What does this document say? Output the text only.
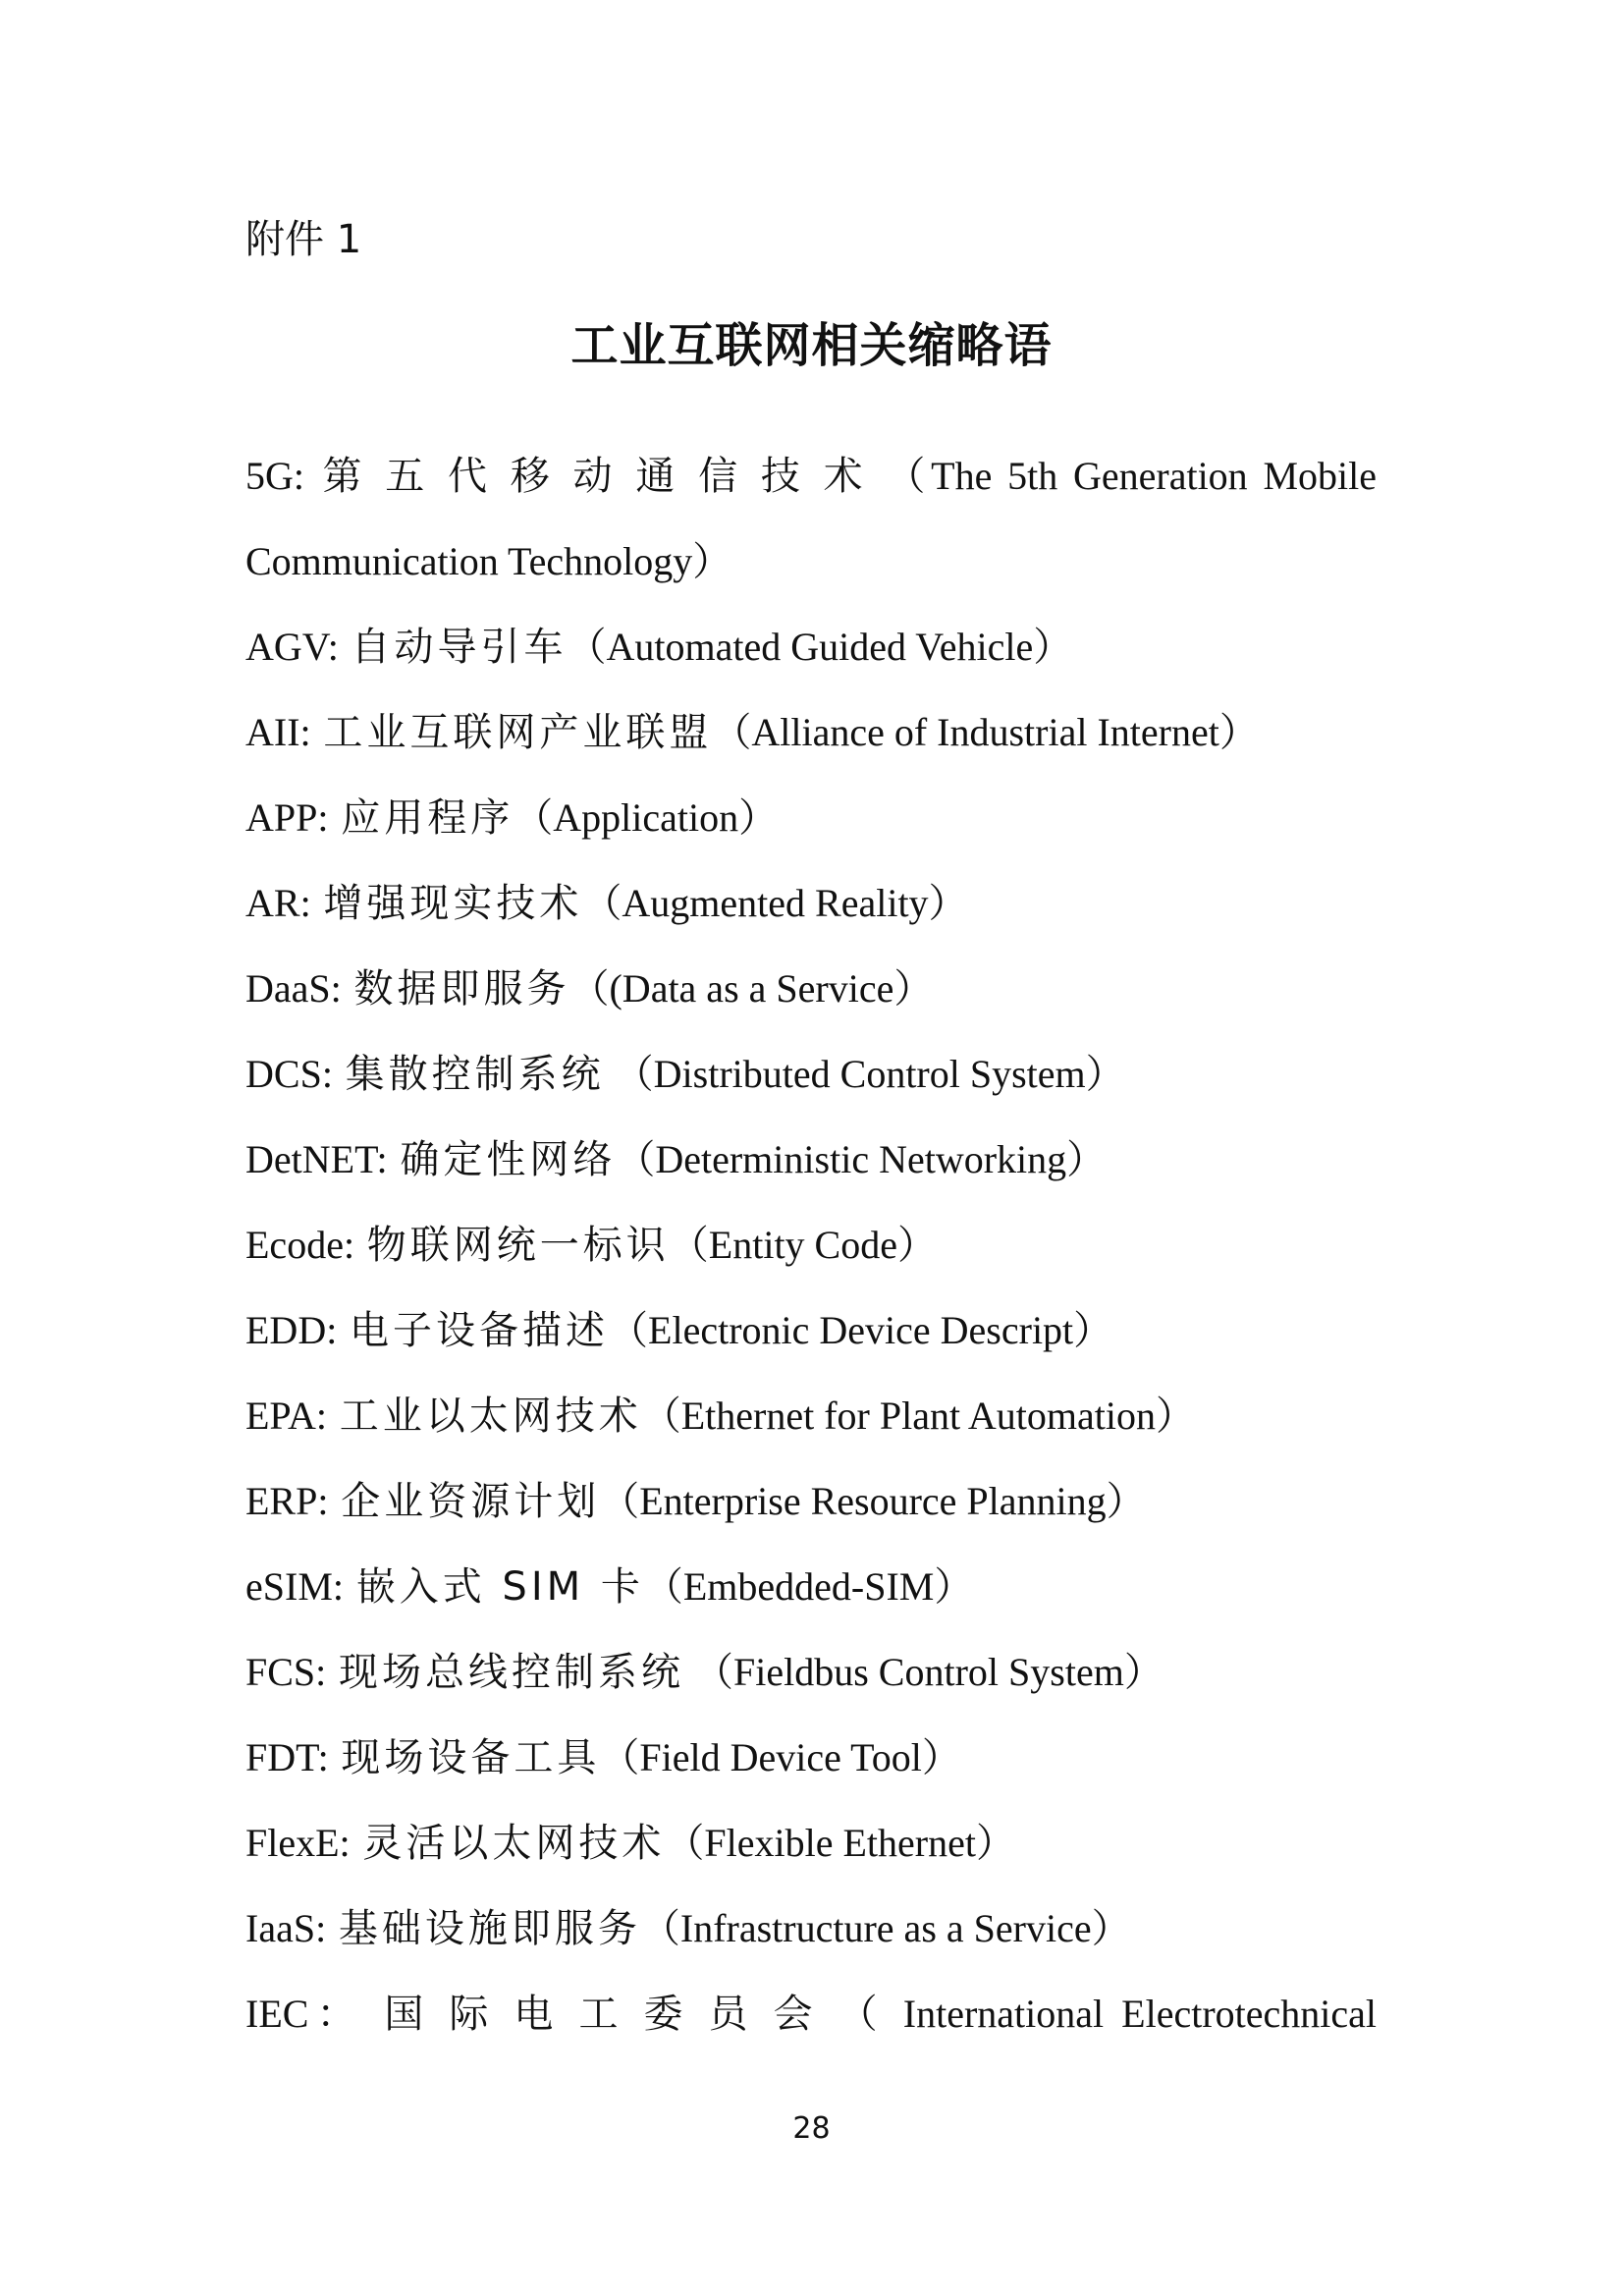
附件 1
工业互联网相关缩略语
5G: 第五代移动通信技术（The 5th Generation Mobile
Communication Technology）
AGV: 自动导引车（Automated Guided Vehicle）
AII: 工业互联网产业联盟（Alliance of Industrial Internet）
APP: 应用程序（Application）
AR: 增强现实技术（Augmented Reality）
DaaS: 数据即服务（(Data as a Service）
DCS: 集散控制系统 （Distributed Control System）
DetNET: 确定性网络（Deterministic Networking）
Ecode: 物联网统一标识（Entity Code）
EDD: 电子设备描述（Electronic Device Descript）
EPA: 工业以太网技术（Ethernet for Plant Automation）
ERP: 企业资源计划（Enterprise Resource Planning）
eSIM: 嵌入式 SIM 卡（Embedded-SIM）
FCS: 现场总线控制系统 （Fieldbus Control System）
FDT: 现场设备工具（Field Device Tool）
FlexE: 灵活以太网技术（Flexible Ethernet）
IaaS: 基础设施即服务（Infrastructure as a Service）
IEC： 国际电工委员会（ International Electrotechnical
28
